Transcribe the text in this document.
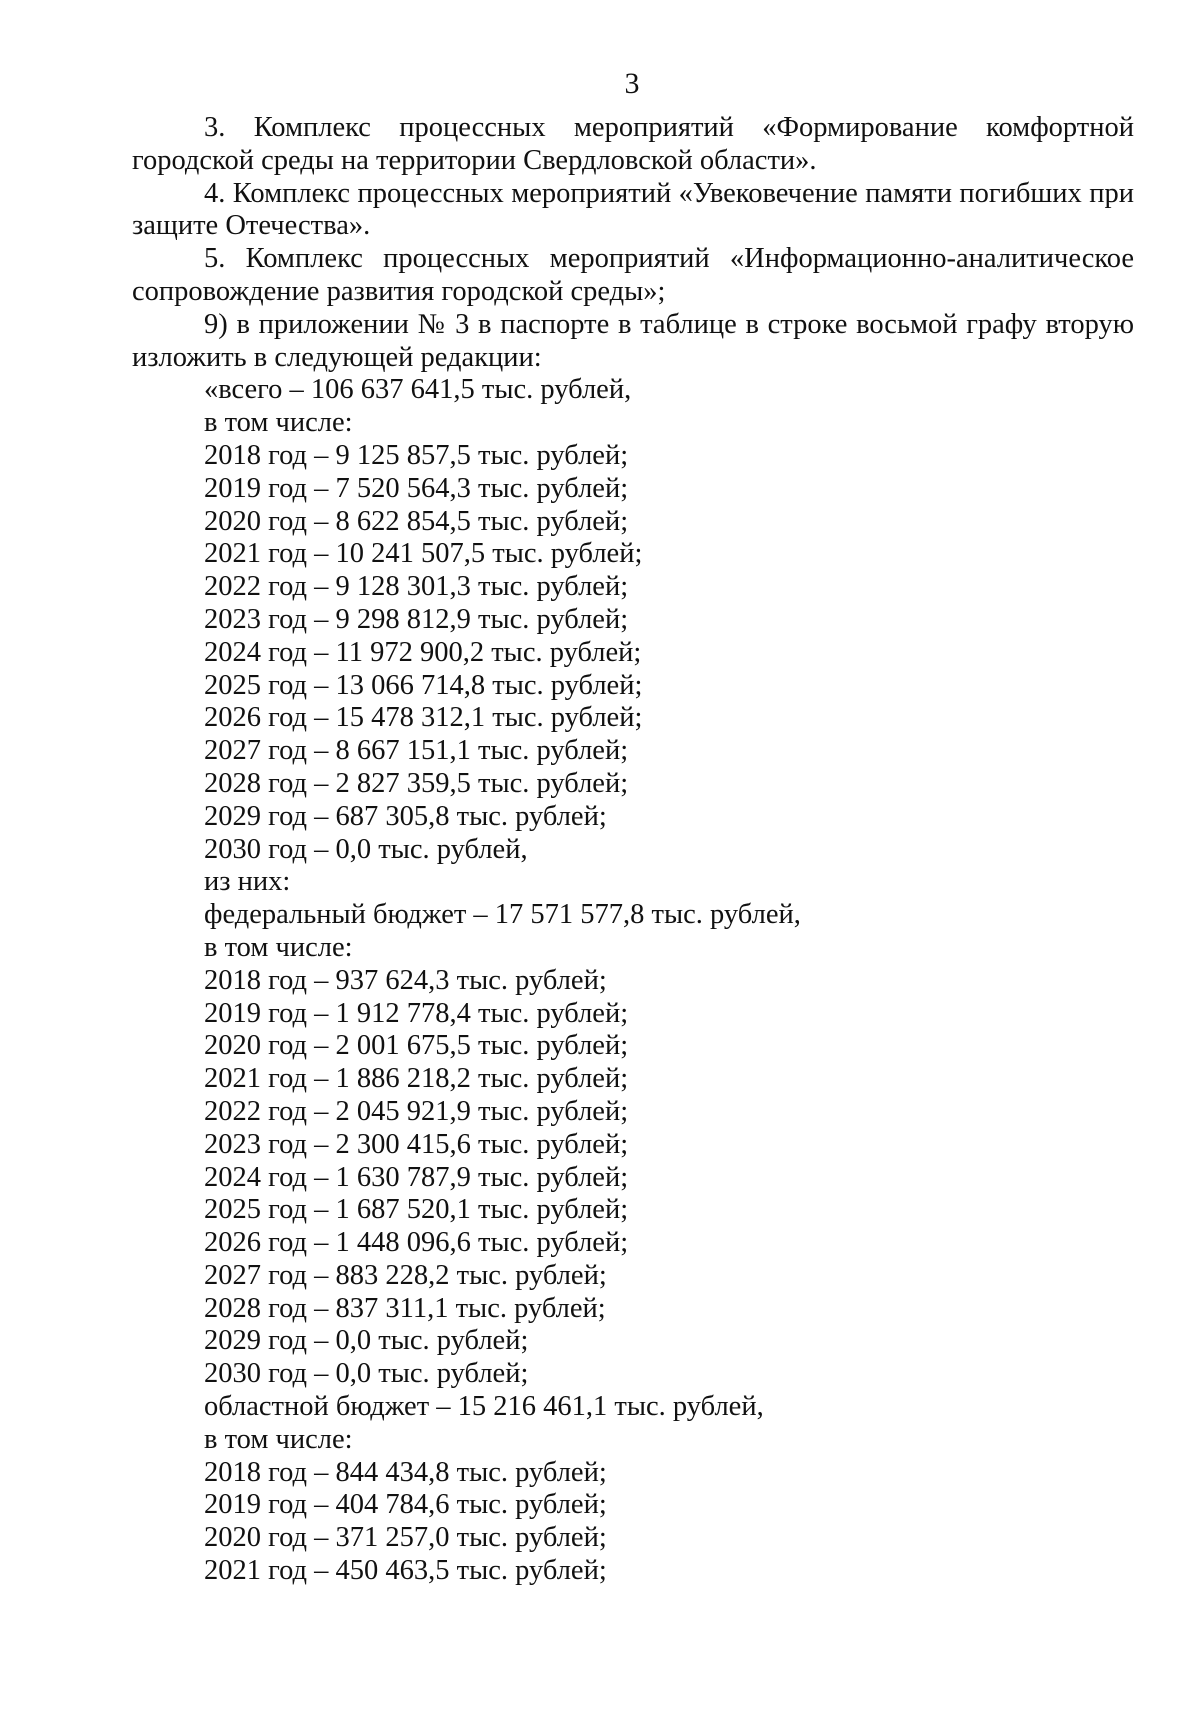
3

3. Комплекс процессных мероприятий «Формирование комфортной
городской среды на территории Свердловской области».

4. Комплекс процессных мероприятий «Увековечение памяти погибших при
защите Отечества».

5. Комплекс процессных мероприятий «Информационно-аналитическое
сопровождение развития городской среды»;

9) в приложении № 3 в паспорте в таблице в строке восьмой графу вторую
изложить в следующей редакции:

«всего – 106 637 641,5 тыс. рублей,

в том числе:

2018 год – 9 125 857,5 тыс. рублей;

2019 год – 7 520 564,3 тыс. рублей;

2020 год – 8 622 854,5 тыс. рублей;

2021 год – 10 241 507,5 тыс. рублей;

2022 год – 9 128 301,3 тыс. рублей;

2023 год – 9 298 812,9 тыс. рублей;

2024 год – 11 972 900,2 тыс. рублей;

2025 год – 13 066 714,8 тыс. рублей;

2026 год – 15 478 312,1 тыс. рублей;

2027 год – 8 667 151,1 тыс. рублей;

2028 год – 2 827 359,5 тыс. рублей;

2029 год – 687 305,8 тыс. рублей;

2030 год – 0,0 тыс. рублей,

из них:

федеральный бюджет – 17 571 577,8 тыс. рублей,

в том числе:

2018 год – 937 624,3 тыс. рублей;

2019 год – 1 912 778,4 тыс. рублей;

2020 год – 2 001 675,5 тыс. рублей;

2021 год – 1 886 218,2 тыс. рублей;

2022 год – 2 045 921,9 тыс. рублей;

2023 год – 2 300 415,6 тыс. рублей;

2024 год – 1 630 787,9 тыс. рублей;

2025 год – 1 687 520,1 тыс. рублей;

2026 год – 1 448 096,6 тыс. рублей;

2027 год – 883 228,2 тыс. рублей;

2028 год – 837 311,1 тыс. рублей;

2029 год – 0,0 тыс. рублей;

2030 год – 0,0 тыс. рублей;

областной бюджет – 15 216 461,1 тыс. рублей,

в том числе:

2018 год – 844 434,8 тыс. рублей;

2019 год – 404 784,6 тыс. рублей;

2020 год – 371 257,0 тыс. рублей;

2021 год – 450 463,5 тыс. рублей;
